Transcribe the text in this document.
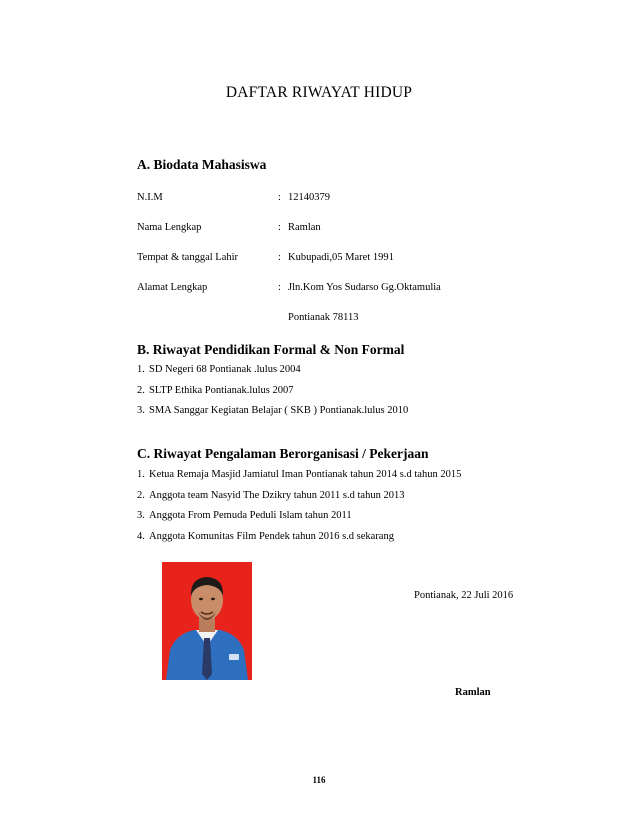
DAFTAR RIWAYAT HIDUP
A. Biodata Mahasiswa
N.I.M	: 12140379
Nama Lengkap	: Ramlan
Tempat & tanggal Lahir	: Kubupadi,05 Maret 1991
Alamat Lengkap	: Jln.Kom Yos Sudarso Gg.Oktamulia
Pontianak 78113
B. Riwayat Pendidikan Formal & Non Formal
1. SD Negeri 68 Pontianak .lulus 2004
2. SLTP Ethika Pontianak.lulus 2007
3. SMA Sanggar Kegiatan Belajar ( SKB ) Pontianak.lulus 2010
C. Riwayat Pengalaman Berorganisasi / Pekerjaan
1. Ketua Remaja Masjid Jamiatul Iman Pontianak tahun 2014 s.d tahun 2015
2. Anggota team Nasyid The Dzikry tahun 2011 s.d tahun 2013
3. Anggota From Pemuda Peduli Islam tahun 2011
4. Anggota Komunitas Film Pendek tahun 2016 s.d sekarang
Pontianak, 22 Juli 2016
Ramlan
116
